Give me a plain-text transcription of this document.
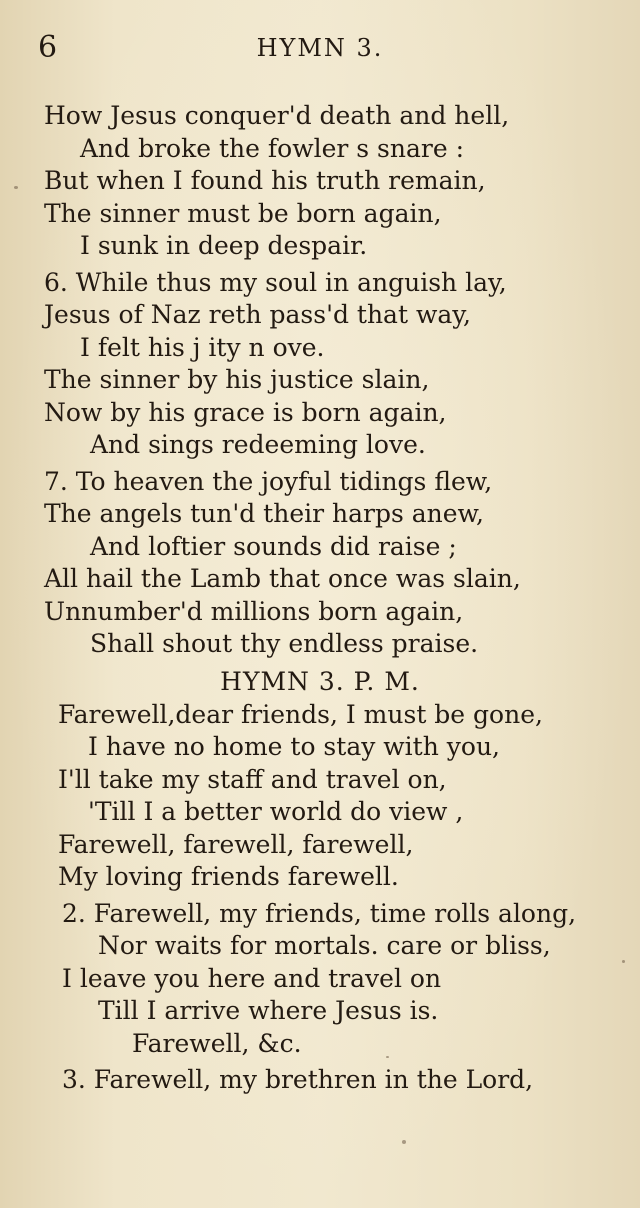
6	HYMN 3.
How Jesus conquer'd death and hell,
And broke the fowler s snare :
But when I found his truth remain,
The sinner must be born again,
I sunk in deep despair.
6. While thus my soul in anguish lay,
Jesus of Naz reth pass'd that way,
I felt his j ity n ove.
The sinner by his justice slain,
Now by his grace is born again,
And sings redeeming love.
7. To heaven the joyful tidings flew,
The angels tun'd their harps anew,
And loftier sounds did raise ;
All hail the Lamb that once was slain,
Unnumber'd millions born again,
Shall shout thy endless praise.
HYMN 3. P. M.
Farewell,dear friends, I must be gone,
I have no home to stay with you,
I'll take my staff and travel on,
'Till I a better world do view ,
Farewell, farewell, farewell,
My loving friends farewell.
2. Farewell, my friends, time rolls along,
Nor waits for mortals. care or bliss,
I leave you here and travel on
Till I arrive where Jesus is.
Farewell, &c.
3. Farewell, my brethren in the Lord,
